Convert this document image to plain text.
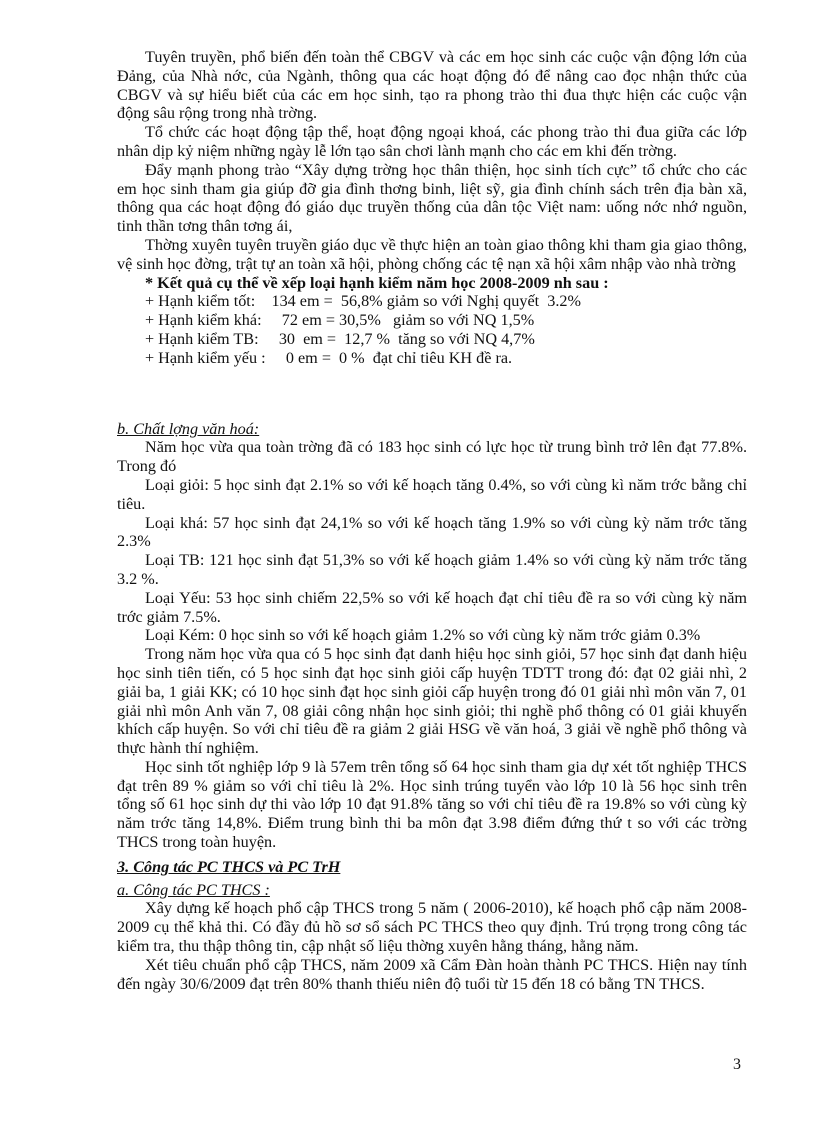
Tuyên truyền, phổ biến đến toàn thể CBGV và các em học sinh các cuộc vận động lớn của Đảng, của Nhà nớc, của Ngành, thông qua các hoạt động đó để nâng cao đọc nhận thức của CBGV và sự hiểu biết của các em học sinh, tạo ra phong trào thi đua thực hiện các cuộc vận động sâu rộng trong nhà trờng.

Tổ chức các hoạt động tập thể, hoạt động ngoại khoá, các phong trào thi đua giữa các lớp nhân dịp kỷ niệm những ngày lễ lớn tạo sân chơi lành mạnh cho các em khi đến trờng.

Đẩy mạnh phong trào “Xây dựng trờng học thân thiện, học sinh tích cực” tổ chức cho các em học sinh tham gia giúp đỡ gia đình thơng binh, liệt sỹ, gia đình chính sách trên địa bàn xã, thông qua các hoạt động đó giáo dục truyền thống của dân tộc Việt nam: uống nớc nhớ nguồn, tinh thần tơng thân tơng ái,

Thờng xuyên tuyên truyền giáo dục về thực hiện an toàn giao thông khi tham gia giao thông, vệ sinh học đờng, trật tự an toàn xã hội, phòng chống các tệ nạn xã hội xâm nhập vào nhà trờng

* Kết quả cụ thể về xếp loại hạnh kiểm năm học 2008-2009 nh sau :

+ Hạnh kiểm tốt:    134 em =  56,8% giảm so với Nghị quyết  3.2%
+ Hạnh kiểm khá:     72 em = 30,5%   giảm so với NQ 1,5%
+ Hạnh kiểm TB:     30  em =  12,7 %  tăng so với NQ 4,7%
+ Hạnh kiểm yếu :     0 em =  0 %  đạt chỉ tiêu KH đề ra.

b. Chất lợng văn hoá:

Năm học vừa qua toàn trờng đã có 183 học sinh có lực học từ trung bình trở lên đạt 77.8%. Trong đó

Loại giỏi: 5 học sinh đạt 2.1% so với kế hoạch tăng 0.4%, so với cùng kì năm trớc bằng chỉ tiêu.

Loại khá: 57 học sinh đạt 24,1% so với kế hoạch tăng 1.9% so với cùng kỳ năm trớc tăng 2.3%

Loại TB: 121 học sinh đạt 51,3% so với kế hoạch giảm 1.4% so với cùng kỳ năm trớc tăng 3.2 %.

Loại Yếu: 53 học sinh chiếm 22,5% so với kế hoạch đạt chỉ tiêu đề ra so với cùng kỳ năm trớc giảm 7.5%.

Loại Kém: 0 học sinh so với kế hoạch giảm 1.2% so với cùng kỳ năm trớc giảm 0.3%

Trong năm học vừa qua có 5 học sinh đạt danh hiệu học sinh giỏi, 57 học sinh đạt danh hiệu học sinh tiên tiến, có 5 học sinh đạt học sinh giỏi cấp huyện TDTT trong đó: đạt 02 giải nhì, 2 giải ba, 1 giải KK; có 10 học sinh đạt học sinh giỏi cấp huyện trong đó 01 giải nhì môn văn 7, 01 giải nhì môn Anh văn 7, 08 giải công nhận học sinh giỏi; thi nghề phổ thông có 01 giải khuyến khích cấp huyện. So với chỉ tiêu đề ra giảm 2 giải HSG về văn hoá, 3 giải về nghề phổ thông và thực hành thí nghiệm.

Học sinh tốt nghiệp lớp 9 là 57em trên tổng số 64 học sinh tham gia dự xét tốt nghiệp THCS đạt trên 89 % giảm so với chỉ tiêu là 2%. Học sinh trúng tuyển vào lớp 10 là 56 học sinh trên tổng số 61 học sinh dự thi vào lớp 10 đạt 91.8% tăng so với chỉ tiêu đề ra 19.8% so với cùng kỳ năm trớc tăng 14,8%. Điểm trung bình thi ba môn đạt 3.98 điểm đứng thứ t so với các trờng THCS trong toàn huyện.

3. Công tác PC THCS và PC TrH

a. Công tác PC THCS :

Xây dựng kế hoạch phổ cập THCS trong 5 năm ( 2006-2010), kế hoạch phổ cập năm 2008-2009 cụ thể khả thi. Có đầy đủ hồ sơ sổ sách PC THCS theo quy định. Trú trọng trong công tác kiểm tra, thu thập thông tin, cập nhật số liệu thờng xuyên hằng tháng, hằng năm.

Xét tiêu chuẩn phổ cập THCS, năm 2009 xã Cẩm Đàn hoàn thành PC THCS. Hiện nay tính đến ngày 30/6/2009 đạt trên 80% thanh thiếu niên độ tuổi từ 15 đến 18 có bằng TN THCS.

3
